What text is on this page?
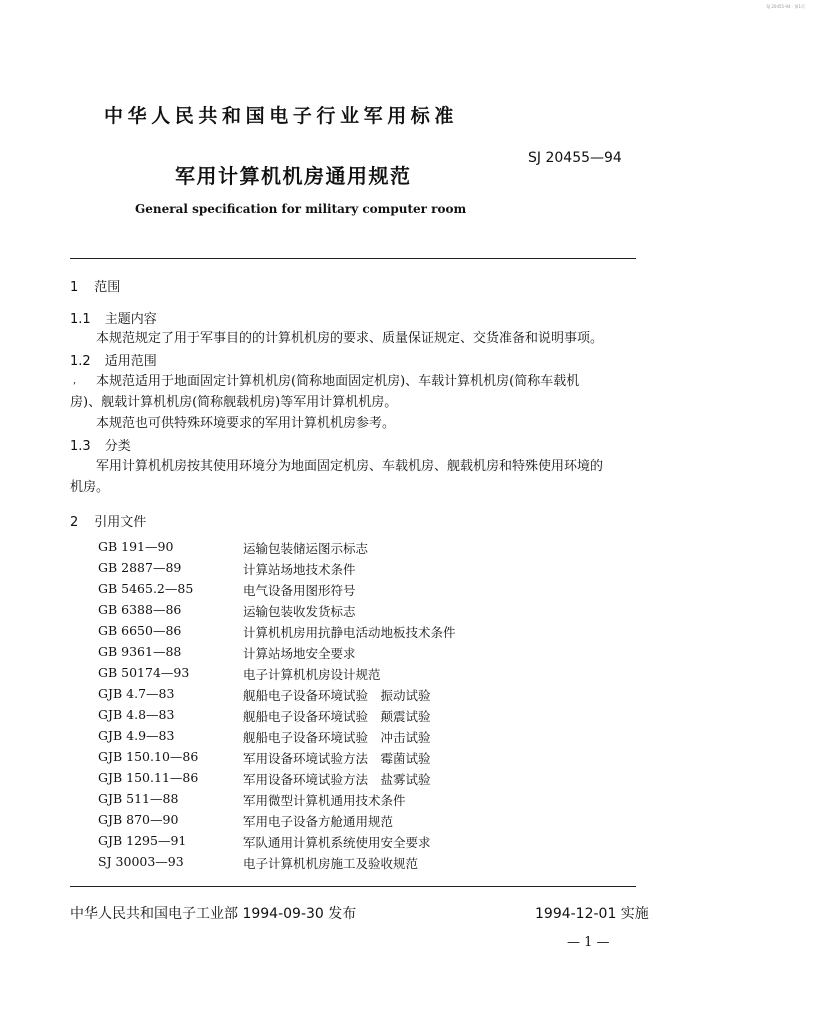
SJ 20455-94 · 第1页
中华人民共和国电子行业军用标准
军用计算机机房通用规范
SJ 20455—94
General specification for military computer room
1 范围
1.1 主题内容
本规范规定了用于军事目的的计算机机房的要求、质量保证规定、交货准备和说明事项。
1.2 适用范围
, 本规范适用于地面固定计算机机房(简称地面固定机房)、车载计算机机房(简称车载机
房)、舰载计算机机房(简称舰载机房)等军用计算机机房。
本规范也可供特殊环境要求的军用计算机机房参考。
1.3 分类
军用计算机机房按其使用环境分为地面固定机房、车载机房、舰载机房和特殊使用环境的
机房。
2 引用文件
GB 191—90	运输包装储运图示标志
GB 2887—89	计算站场地技术条件
GB 5465.2—85	电气设备用图形符号
GB 6388—86	运输包装收发货标志
GB 6650—86	计算机机房用抗静电活动地板技术条件
GB 9361—88	计算站场地安全要求
GB 50174—93	电子计算机机房设计规范
GJB 4.7—83	舰船电子设备环境试验　振动试验
GJB 4.8—83	舰船电子设备环境试验　颠震试验
GJB 4.9—83	舰船电子设备环境试验　冲击试验
GJB 150.10—86	军用设备环境试验方法　霉菌试验
GJB 150.11—86	军用设备环境试验方法　盐雾试验
GJB 511—88	军用微型计算机通用技术条件
GJB 870—90	军用电子设备方舱通用规范
GJB 1295—91	军队通用计算机系统使用安全要求
SJ 30003—93	电子计算机机房施工及验收规范
中华人民共和国电子工业部 1994-09-30 发布	1994-12-01 实施
— 1 —
